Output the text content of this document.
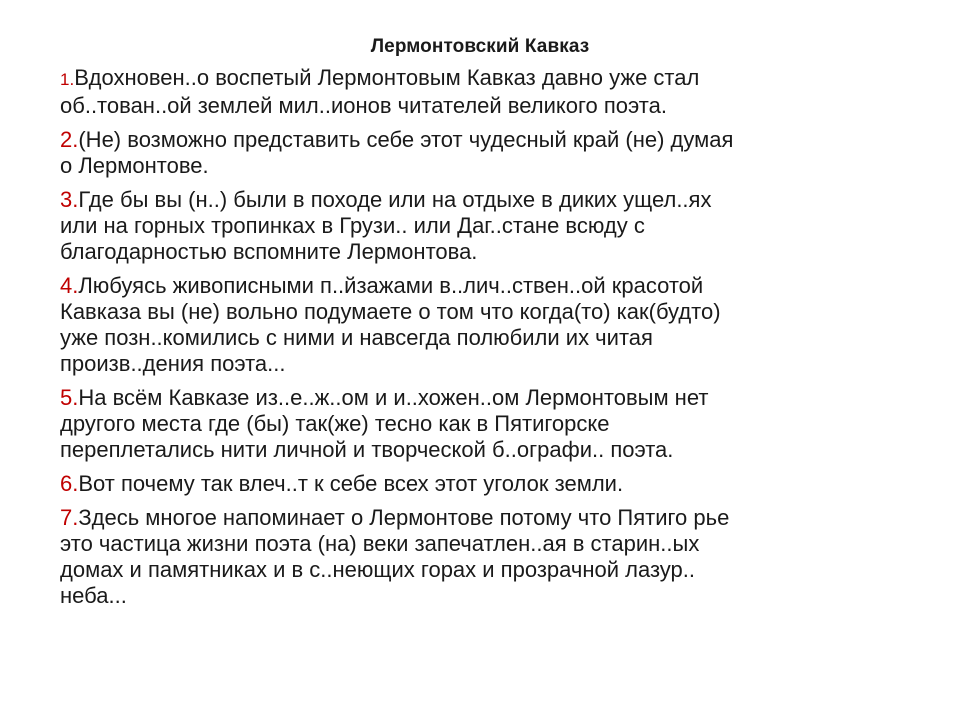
Лермонтовский Кавказ
1.Вдохновен..о воспетый Лермонтовым Кавказ давно уже стал
об..тован..ой землей мил..ионов читателей великого поэта.
2.(Не) возможно представить себе этот чудесный край (не) думая
о Лермонтове.
3.Где бы вы (н..) были в походе или на отдыхе в диких ущел..ях
или на горных тропинках в Грузи.. или Даг..стане всюду с
благодарностью вспомните Лермонтова.
4.Любуясь живописными п..йзажами в..лич..ствен..ой красотой
Кавказа вы (не) вольно подумаете о том что когда(то) как(будто)
уже позн..комились с ними и навсегда полюбили их читая
произв..дения поэта...
5.На всём Кавказе из..е..ж..ом и и..хожен..ом Лермонтовым нет
другого места где (бы) так(же) тесно как в Пятигорске
переплетались нити личной и творческой б..ографи.. поэта.
6.Вот почему так влеч..т к себе всех этот уголок земли.
7.Здесь многое напоминает о Лермонтове потому что Пятиго рье
это частица жизни поэта (на) веки запечатлен..ая в старин..ых
домах и памятниках и в с..неющих горах и прозрачной лазур..
неба...
